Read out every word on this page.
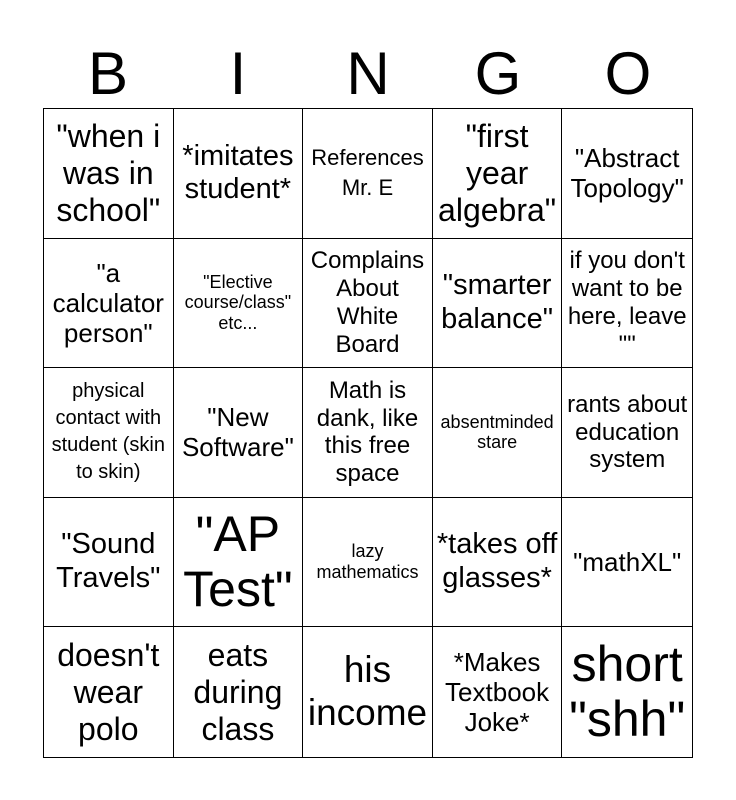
B	I	N	G	O
"when i was in school"
*imitates student*
References Mr. E
"first year algebra"
"Abstract Topology"
"a calculator person"
"Elective course/class" etc...
Complains About White Board
"smarter balance"
if you don't want to be here, leave ""
physical contact with student (skin to skin)
"New Software"
Math is dank, like this free space
absentminded stare
rants about education system
"Sound Travels"
"AP Test"
lazy mathematics
*takes off glasses*
"mathXL"
doesn't wear polo
eats during class
his income
*Makes Textbook Joke*
short "shh"
